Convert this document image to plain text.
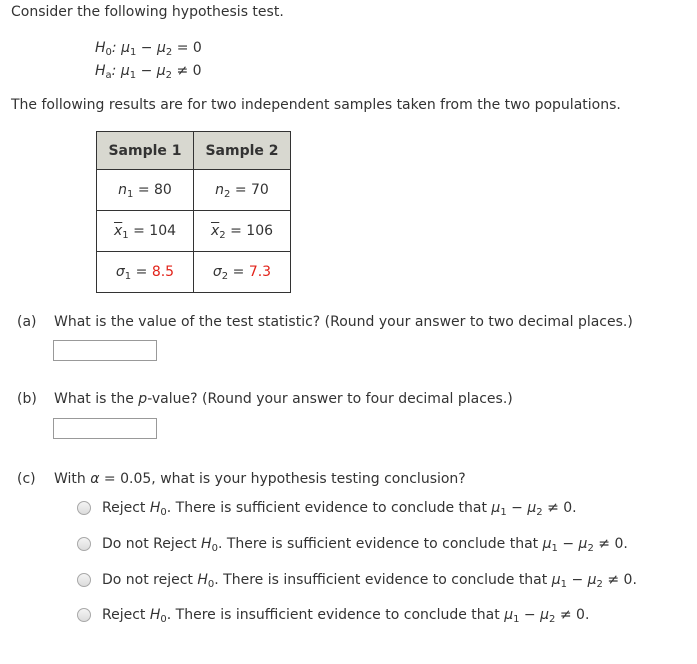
Consider the following hypothesis test.
$H_0$: $\mu_1 - \mu_2 = 0$
$H_a$: $\mu_1 - \mu_2 \ne 0$
The following results are for two independent samples taken from the two populations.
Sample 1	Sample 2
$n_1 = 80$	$n_2 = 70$
$\overline{x}_1 = 104$	$\overline{x}_2 = 106$
$\sigma_1 = 8.5$	$\sigma_2 = 7.3$
(a) What is the value of the test statistic? (Round your answer to two decimal places.)
(b) What is the p-value? (Round your answer to four decimal places.)
(c) With α = 0.05, what is your hypothesis testing conclusion?
Reject $H_0$. There is sufficient evidence to conclude that $\mu_1 - \mu_2 \ne 0$.
Do not Reject $H_0$. There is sufficient evidence to conclude that $\mu_1 - \mu_2 \ne 0$.
Do not reject $H_0$. There is insufficient evidence to conclude that $\mu_1 - \mu_2 \ne 0$.
Reject $H_0$. There is insufficient evidence to conclude that $\mu_1 - \mu_2 \ne 0$.
